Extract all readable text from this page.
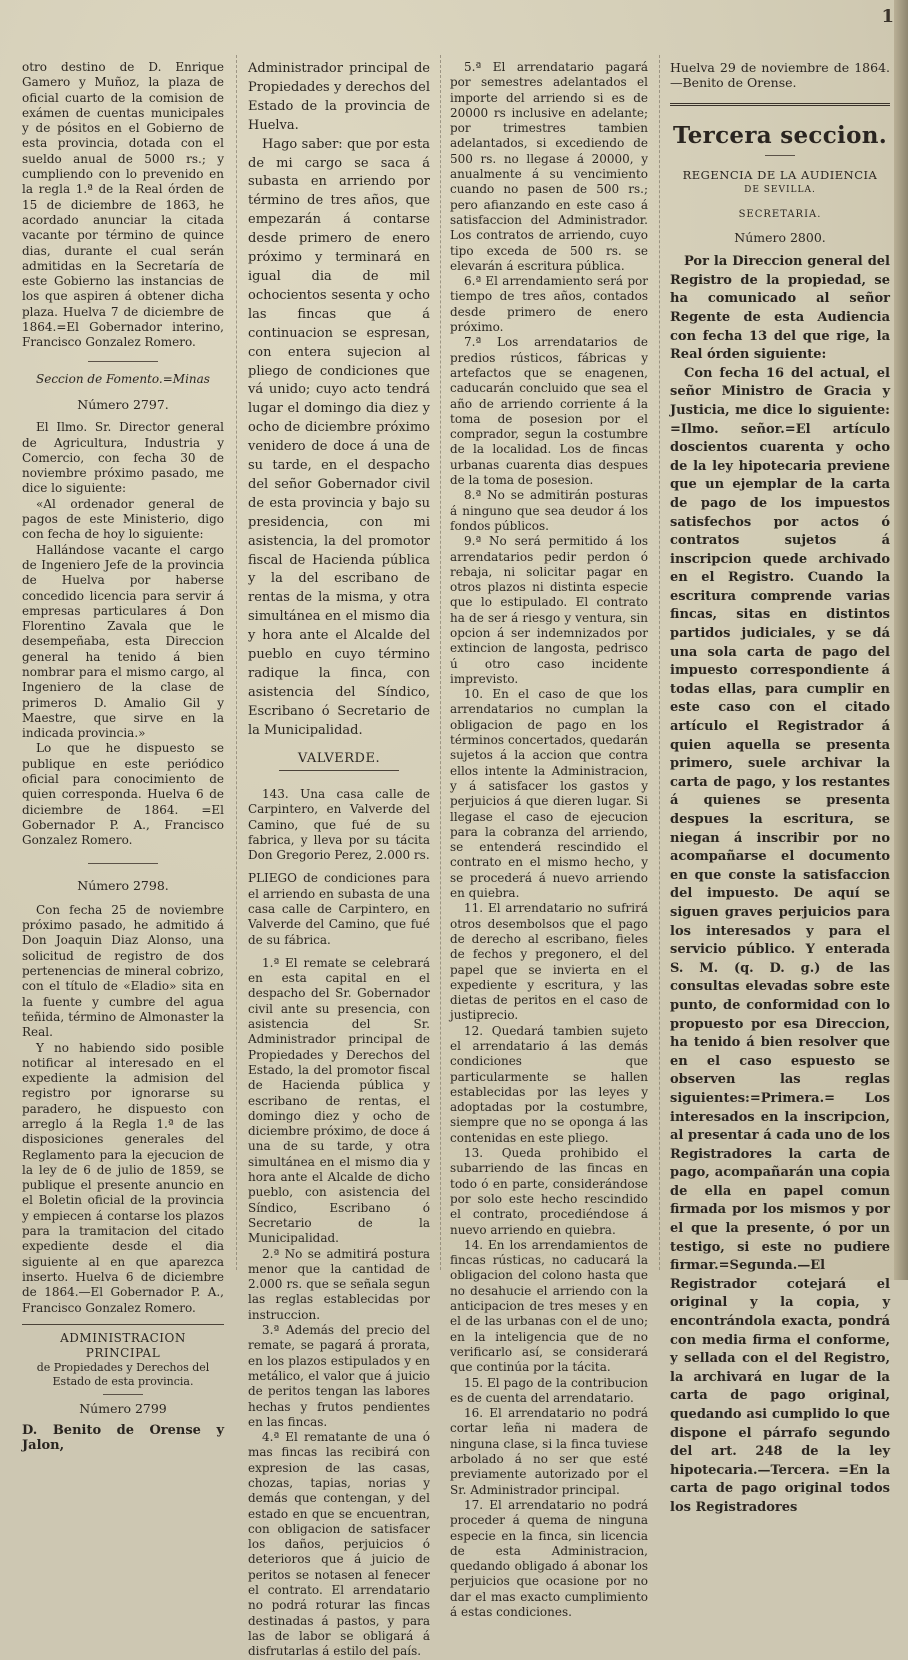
1

otro destino de D. Enrique Gamero y Muñoz, la plaza de oficial cuarto de la comision de exámen de cuentas municipales y de pósitos en el Gobierno de esta provincia, dotada con el sueldo anual de 5000 rs.; y cumpliendo con lo prevenido en la regla 1.ª de la Real órden de 15 de diciembre de 1863, he acordado anunciar la citada vacante por término de quince dias, durante el cual serán admitidas en la Secretaría de este Gobierno las instancias de los que aspiren á obtener dicha plaza. Huelva 7 de diciembre de 1864.=El Gobernador interino, Francisco Gonzalez Romero.

Seccion de Fomento.=Minas

Número 2797.

El Ilmo. Sr. Director general de Agricultura, Industria y Comercio, con fecha 30 de noviembre próximo pasado, me dice lo siguiente:

«Al ordenador general de pagos de este Ministerio, digo con fecha de hoy lo siguiente:

Hallándose vacante el cargo de Ingeniero Jefe de la provincia de Huelva por haberse concedido licencia para servir á empresas particulares á Don Florentino Zavala que le desempeñaba, esta Direccion general ha tenido á bien nombrar para el mismo cargo, al Ingeniero de la clase de primeros D. Amalio Gil y Maestre, que sirve en la indicada provincia.»

Lo que he dispuesto se publique en este periódico oficial para conocimiento de quien corresponda. Huelva 6 de diciembre de 1864. =El Gobernador P. A., Francisco Gonzalez Romero.

Número 2798.

Con fecha 25 de noviembre próximo pasado, he admitido á Don Joaquin Diaz Alonso, una solicitud de registro de dos pertenencias de mineral cobrizo, con el título de «Eladio» sita en la fuente y cumbre del agua teñida, término de Almonaster la Real.

Y no habiendo sido posible notificar al interesado en el expediente la admision del registro por ignorarse su paradero, he dispuesto con arreglo á la Regla 1.ª de las disposiciones generales del Reglamento para la ejecucion de la ley de 6 de julio de 1859, se publique el presente anuncio en el Boletin oficial de la provincia y empiecen á contarse los plazos para la tramitacion del citado expediente desde el dia siguiente al en que aparezca inserto. Huelva 6 de diciembre de 1864.—El Gobernador P. A., Francisco Gonzalez Romero.

ADMINISTRACION PRINCIPAL

de Propiedades y Derechos del Estado de esta provincia.

Número 2799

D. Benito de Orense y Jalon,

Administrador principal de Propiedades y derechos del Estado de la provincia de Huelva.

Hago saber: que por esta de mi cargo se saca á subasta en arriendo por término de tres años, que empezarán á contarse desde primero de enero próximo y terminará en igual dia de mil ochocientos sesenta y ocho las fincas que á continuacion se espresan, con entera sujecion al pliego de condiciones que vá unido; cuyo acto tendrá lugar el domingo dia diez y ocho de diciembre próximo venidero de doce á una de su tarde, en el despacho del señor Gobernador civil de esta provincia y bajo su presidencia, con mi asistencia, la del promotor fiscal de Hacienda pública y la del escribano de rentas de la misma, y otra simultánea en el mismo dia y hora ante el Alcalde del pueblo en cuyo término radique la finca, con asistencia del Síndico, Escribano ó Secretario de la Municipalidad.

VALVERDE.

143. Una casa calle de Carpintero, en Valverde del Camino, que fué de su fabrica, y lleva por su tácita Don Gregorio Perez, 2.000 rs.

PLIEGO de condiciones para el arriendo en subasta de una casa calle de Carpintero, en Valverde del Camino, que fué de su fábrica.

1.ª El remate se celebrará en esta capital en el despacho del Sr. Gobernador civil ante su presencia, con asistencia del Sr. Administrador principal de Propiedades y Derechos del Estado, la del promotor fiscal de Hacienda pública y escribano de rentas, el domingo diez y ocho de diciembre próximo, de doce á una de su tarde, y otra simultánea en el mismo dia y hora ante el Alcalde de dicho pueblo, con asistencia del Síndico, Escribano ó Secretario de la Municipalidad.

2.ª No se admitirá postura menor que la cantidad de 2.000 rs. que se señala segun las reglas establecidas por instruccion.

3.ª Además del precio del remate, se pagará á prorata, en los plazos estipulados y en metálico, el valor que á juicio de peritos tengan las labores hechas y frutos pendientes en las fincas.

4.ª El rematante de una ó mas fincas las recibirá con expresion de las casas, chozas, tapias, norias y demás que contengan, y del estado en que se encuentran, con obligacion de satisfacer los daños, perjuicios ó deterioros que á juicio de peritos se notasen al fenecer el contrato. El arrendatario no podrá roturar las fincas destinadas á pastos, y para las de labor se obligará á disfrutarlas á estilo del país.

5.ª El arrendatario pagará por semestres adelantados el importe del arriendo si es de 20000 rs inclusive en adelante; por trimestres tambien adelantados, si excediendo de 500 rs. no llegase á 20000, y anualmente á su vencimiento cuando no pasen de 500 rs.; pero afianzando en este caso á satisfaccion del Administrador. Los contratos de arriendo, cuyo tipo exceda de 500 rs. se elevarán á escritura pública.

6.ª El arrendamiento será por tiempo de tres años, contados desde primero de enero próximo.

7.ª Los arrendatarios de predios rústicos, fábricas y artefactos que se enagenen, caducarán concluido que sea el año de arriendo corriente á la toma de posesion por el comprador, segun la costumbre de la localidad. Los de fincas urbanas cuarenta dias despues de la toma de posesion.

8.ª No se admitirán posturas á ninguno que sea deudor á los fondos públicos.

9.ª No será permitido á los arrendatarios pedir perdon ó rebaja, ni solicitar pagar en otros plazos ni distinta especie que lo estipulado. El contrato ha de ser á riesgo y ventura, sin opcion á ser indemnizados por extincion de langosta, pedrisco ú otro caso incidente imprevisto.

10. En el caso de que los arrendatarios no cumplan la obligacion de pago en los términos concertados, quedarán sujetos á la accion que contra ellos intente la Administracion, y á satisfacer los gastos y perjuicios á que dieren lugar. Si llegase el caso de ejecucion para la cobranza del arriendo, se entenderá rescindido el contrato en el mismo hecho, y se procederá á nuevo arriendo en quiebra.

11. El arrendatario no sufrirá otros desembolsos que el pago de derecho al escribano, fieles de fechos y pregonero, el del papel que se invierta en el expediente y escritura, y las dietas de peritos en el caso de justiprecio.

12. Quedará tambien sujeto el arrendatario á las demás condiciones que particularmente se hallen establecidas por las leyes y adoptadas por la costumbre, siempre que no se oponga á las contenidas en este pliego.

13. Queda prohibido el subarriendo de las fincas en todo ó en parte, considerándose por solo este hecho rescindido el contrato, procediéndose á nuevo arriendo en quiebra.

14. En los arrendamientos de fincas rústicas, no caducará la obligacion del colono hasta que no desahucie el arriendo con la anticipacion de tres meses y en el de las urbanas con el de uno; en la inteligencia que de no verificarlo así, se considerará que continúa por la tácita.

15. El pago de la contribucion es de cuenta del arrendatario.

16. El arrendatario no podrá cortar leña ni madera de ninguna clase, si la finca tuviese arbolado á no ser que esté previamente autorizado por el Sr. Administrador principal.

17. El arrendatario no podrá proceder á quema de ninguna especie en la finca, sin licencia de esta Administracion, quedando obligado á abonar los perjuicios que ocasione por no dar el mas exacto cumplimiento á estas condiciones.

Huelva 29 de noviembre de 1864. —Benito de Orense.

Tercera seccion.

REGENCIA DE LA AUDIENCIA

DE SEVILLA.

SECRETARIA.

Número 2800.

Por la Direccion general del Registro de la propiedad, se ha comunicado al señor Regente de esta Audiencia con fecha 13 del que rige, la Real órden siguiente:

Con fecha 16 del actual, el señor Ministro de Gracia y Justicia, me dice lo siguiente: =Ilmo. señor.=El artículo doscientos cuarenta y ocho de la ley hipotecaria previene que un ejemplar de la carta de pago de los impuestos satisfechos por actos ó contratos sujetos á inscripcion quede archivado en el Registro. Cuando la escritura comprende varias fincas, sitas en distintos partidos judiciales, y se dá una sola carta de pago del impuesto correspondiente á todas ellas, para cumplir en este caso con el citado artículo el Registrador á quien aquella se presenta primero, suele archivar la carta de pago, y los restantes á quienes se presenta despues la escritura, se niegan á inscribir por no acompañarse el documento en que conste la satisfaccion del impuesto. De aquí se siguen graves perjuicios para los interesados y para el servicio público. Y enterada S. M. (q. D. g.) de las consultas elevadas sobre este punto, de conformidad con lo propuesto por esa Direccion, ha tenido á bien resolver que en el caso espuesto se observen las reglas siguientes:=Primera.= Los interesados en la inscripcion, al presentar á cada uno de los Registradores la carta de pago, acompañarán una copia de ella en papel comun firmada por los mismos y por el que la presente, ó por un testigo, si este no pudiere firmar.=Segunda.—El Registrador cotejará el original y la copia, y encontrándola exacta, pondrá con media firma el conforme, y sellada con el del Registro, la archivará en lugar de la carta de pago original, quedando asi cumplido lo que dispone el párrafo segundo del art. 248 de la ley hipotecaria.—Tercera. =En la carta de pago original todos los Registradores
